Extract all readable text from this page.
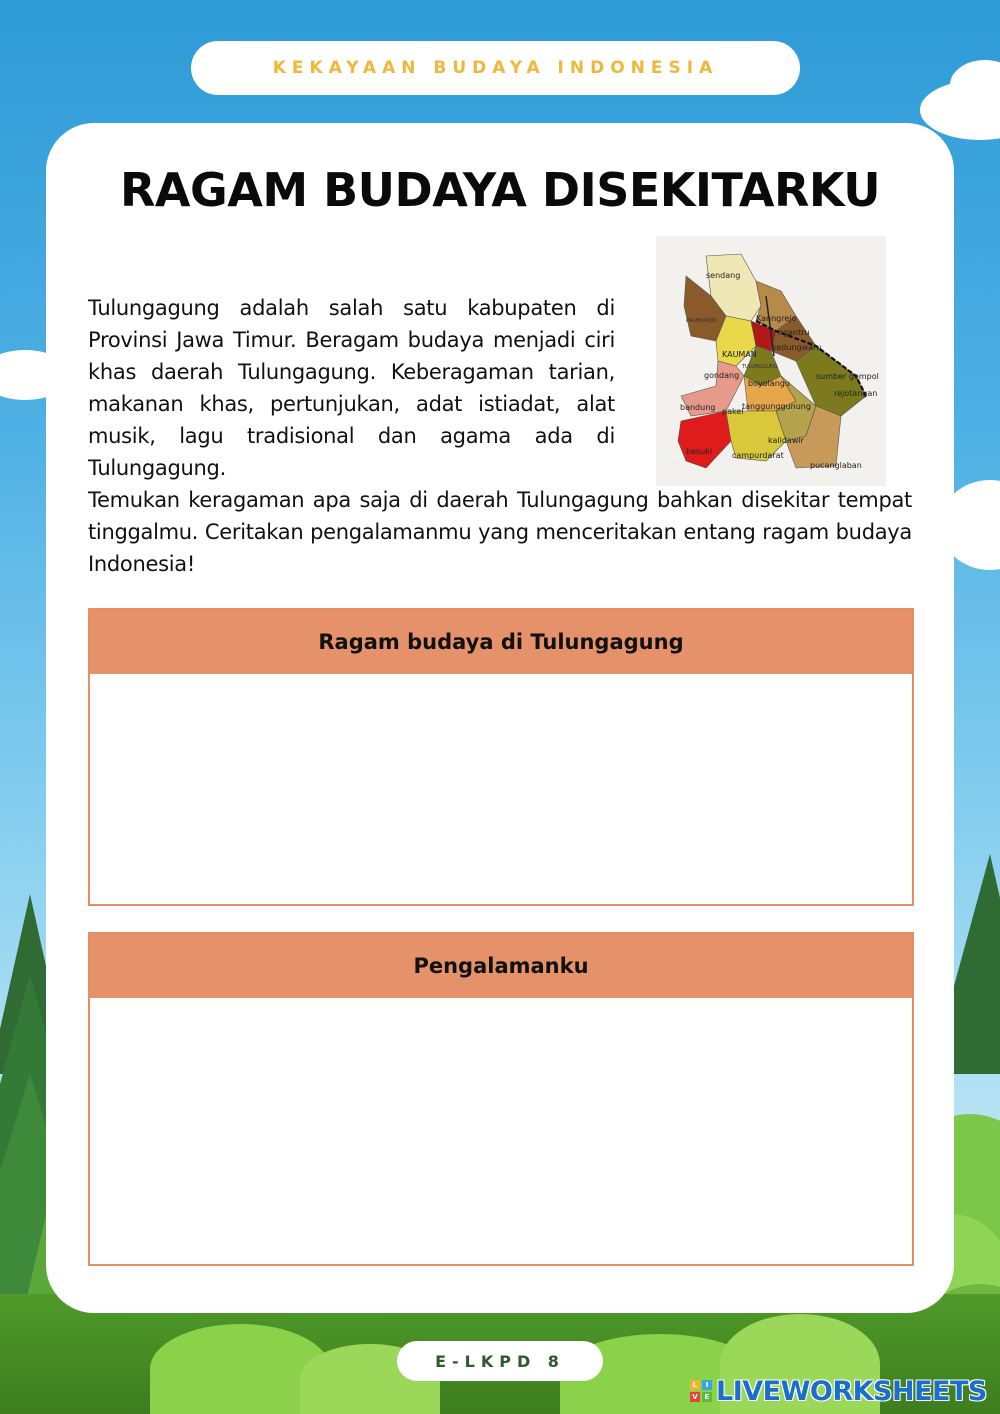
KEKAYAAN BUDAYA INDONESIA
RAGAM BUDAYA DISEKITARKU
Tulungagung adalah salah satu kabupaten di Provinsi Jawa Timur. Beragam budaya menjadi ciri khas daerah Tulungagung. Keberagaman tarian, makanan khas, pertunjukan, adat istiadat, alat musik, lagu tradisional dan agama ada di Tulungagung.
sendang
Kanngrejo
ngantru
kedungwaru
KAUMAN
TULUNGGUNG
gondang
boyolangu
sumber gempol
rejotangan
bandung pakel
tanggunggunung
kalidawir
besuki campurdarat
pucanglaban
PAGERWOJO
Temukan keragaman apa saja di daerah Tulungagung bahkan disekitar tempat tinggalmu. Ceritakan pengalamanmu yang menceritakan entang ragam budaya Indonesia!
Ragam budaya di Tulungagung
Pengalamanku
E-LKPD 8
L	I
V E LIVEWORKSHEETS
